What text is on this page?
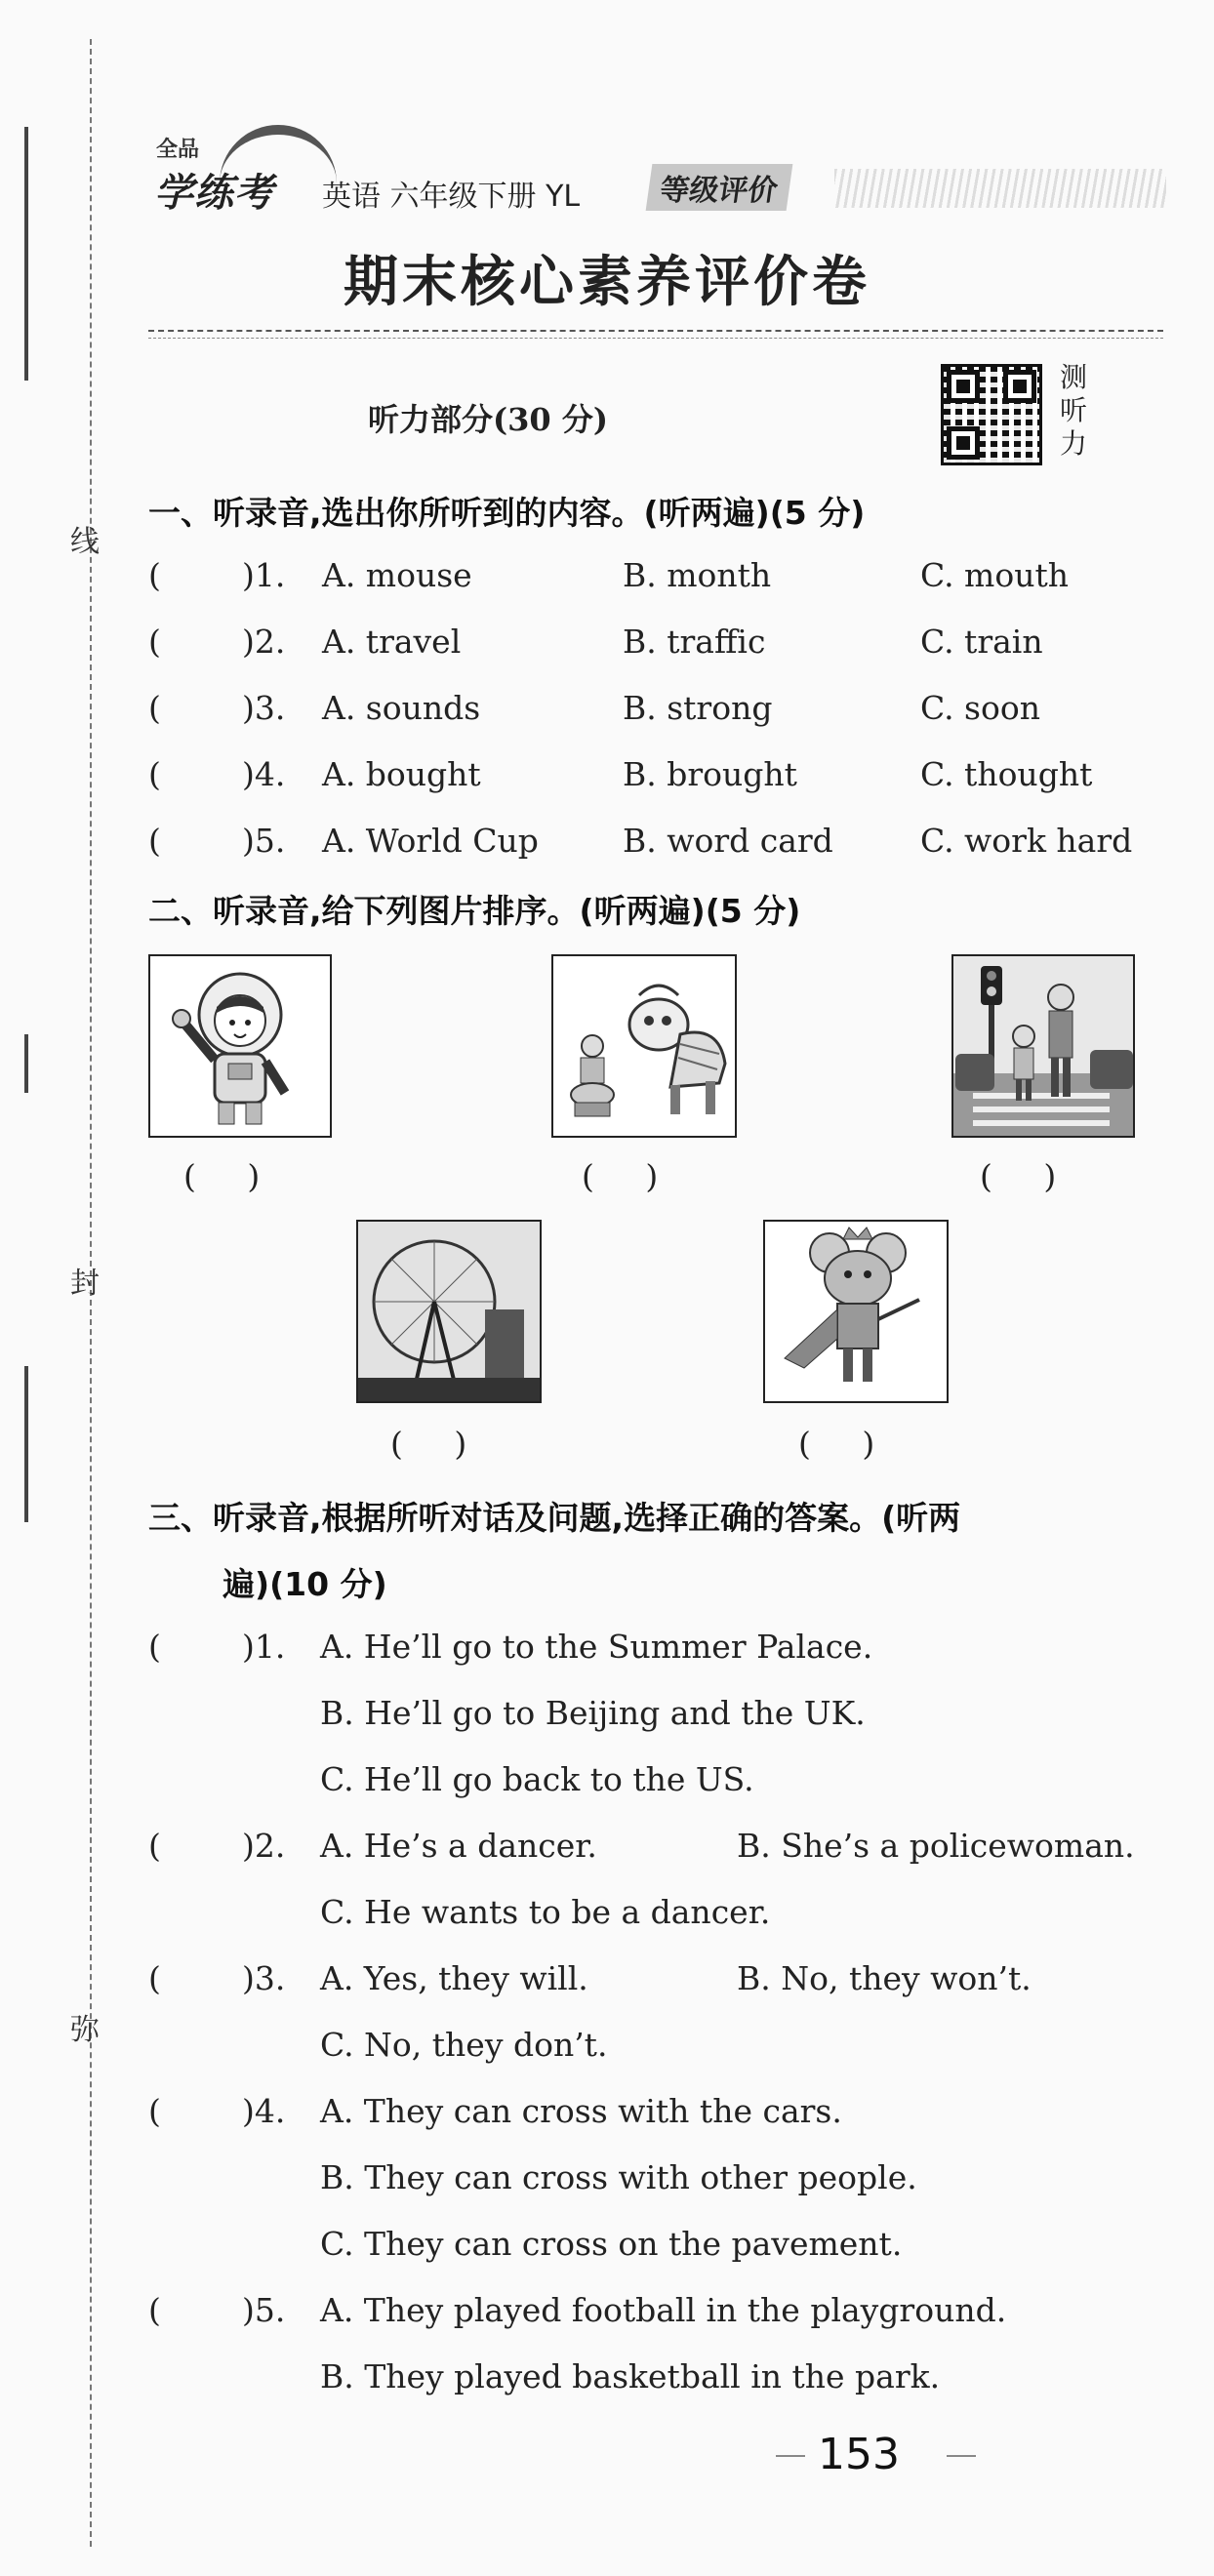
线
封
弥
全品
学练考 英语 六年级下册 YL	等级评价
期末核心素养评价卷
听力部分(30 分)
测听力
一、听录音,选出你所听到的内容。(听两遍)(5 分)
(	)1. A. mouse	B. month	C. mouth
(	)2. A. travel	B. traffic	C. train
(	)3. A. sounds	B. strong	C. soon
(	)4. A. bought	B. brought	C. thought
(	)5. A. World Cup	B. word card	C. work hard
二、听录音,给下列图片排序。(听两遍)(5 分)
(     )	(     )	(     )
(     )	(     )
三、听录音,根据所听对话及问题,选择正确的答案。(听两
遍)(10 分)
(	)1. A. He’ll go to the Summer Palace.
B. He’ll go to Beijing and the UK.
C. He’ll go back to the US.
(	)2. A. He’s a dancer.	B. She’s a policewoman.
C. He wants to be a dancer.
(	)3. A. Yes, they will.	B. No, they won’t.
C. No, they don’t.
(	)4. A. They can cross with the cars.
B. They can cross with other people.
C. They can cross on the pavement.
(	)5. A. They played football in the playground.
B. They played basketball in the park.
153
